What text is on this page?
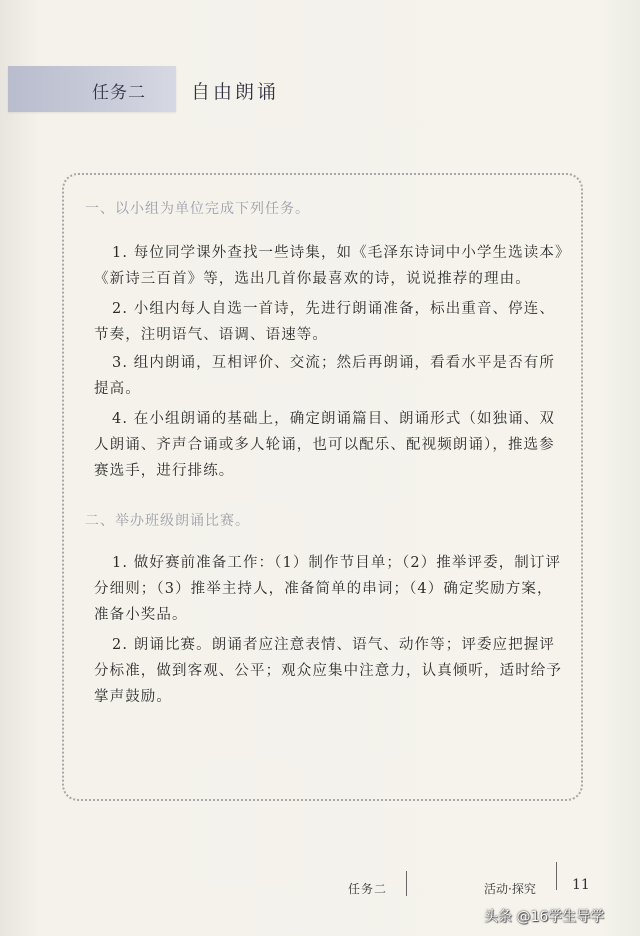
任务二 自由朗诵
一、以小组为单位完成下列任务。

1. 每位同学课外查找一些诗集，如《毛泽东诗词中小学生选读本》《新诗三百首》等，选出几首你最喜欢的诗，说说推荐的理由。

2. 小组内每人自选一首诗，先进行朗诵准备，标出重音、停连、节奏，注明语气、语调、语速等。

3. 组内朗诵，互相评价、交流；然后再朗诵，看看水平是否有所提高。

4. 在小组朗诵的基础上，确定朗诵篇目、朗诵形式（如独诵、双人朗诵、齐声合诵或多人轮诵，也可以配乐、配视频朗诵），推选参赛选手，进行排练。

二、举办班级朗诵比赛。

1. 做好赛前准备工作：（1）制作节目单；（2）推举评委，制订评分细则；（3）推举主持人，准备简单的串词；（4）确定奖励方案，准备小奖品。

2. 朗诵比赛。朗诵者应注意表情、语气、动作等；评委应把握评分标准，做到客观、公平；观众应集中注意力，认真倾听，适时给予掌声鼓励。

任务二	活动·探究	11
头条 @16学生导学
